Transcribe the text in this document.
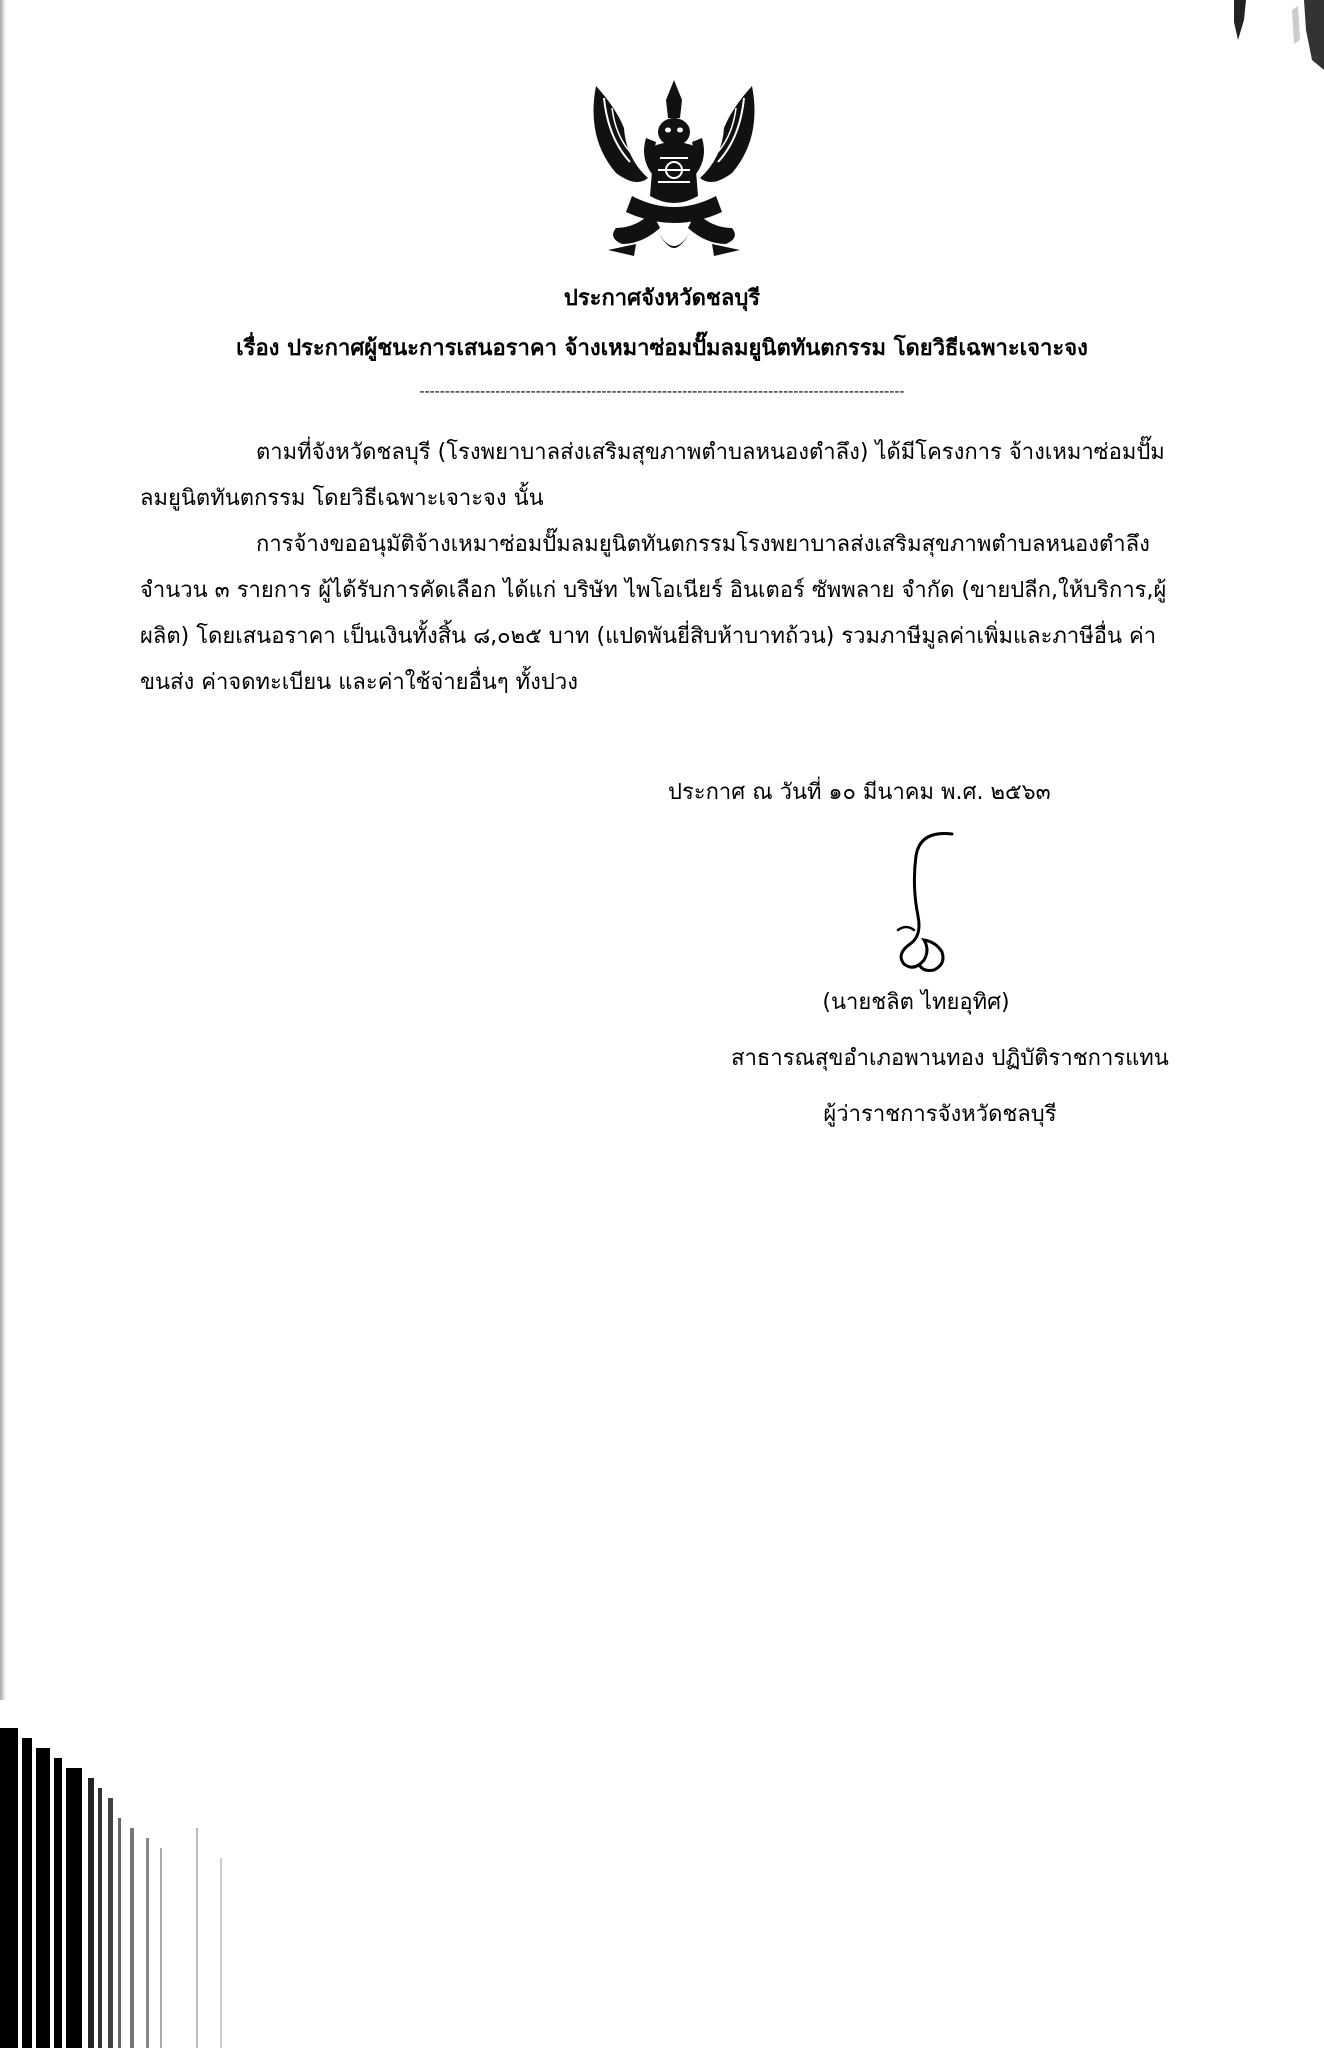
ประกาศจังหวัดชลบุรี
เรื่อง ประกาศผู้ชนะการเสนอราคา จ้างเหมาซ่อมปั๊มลมยูนิตทันตกรรม โดยวิธีเฉพาะเจาะจง
------------------------------------------------------------------------------------------------
ตามที่จังหวัดชลบุรี (โรงพยาบาลส่งเสริมสุขภาพตำบลหนองตำลึง) ได้มีโครงการ จ้างเหมาซ่อมปั๊มลมยูนิตทันตกรรม โดยวิธีเฉพาะเจาะจง นั้น
การจ้างขออนุมัติจ้างเหมาซ่อมปั๊มลมยูนิตทันตกรรมโรงพยาบาลส่งเสริมสุขภาพตำบลหนองตำลึง จำนวน ๓ รายการ ผู้ได้รับการคัดเลือก ได้แก่ บริษัท ไพโอเนียร์ อินเตอร์ ซัพพลาย จำกัด (ขายปลีก,ให้บริการ,ผู้ผลิต) โดยเสนอราคา เป็นเงินทั้งสิ้น ๘,๐๒๕ บาท (แปดพันยี่สิบห้าบาทถ้วน) รวมภาษีมูลค่าเพิ่มและภาษีอื่น ค่าขนส่ง ค่าจดทะเบียน และค่าใช้จ่ายอื่นๆ ทั้งปวง
ประกาศ ณ วันที่ ๑๐ มีนาคม พ.ศ. ๒๕๖๓
(นายชลิต ไทยอุทิศ)
สาธารณสุขอำเภอพานทอง ปฏิบัติราชการแทน
ผู้ว่าราชการจังหวัดชลบุรี
